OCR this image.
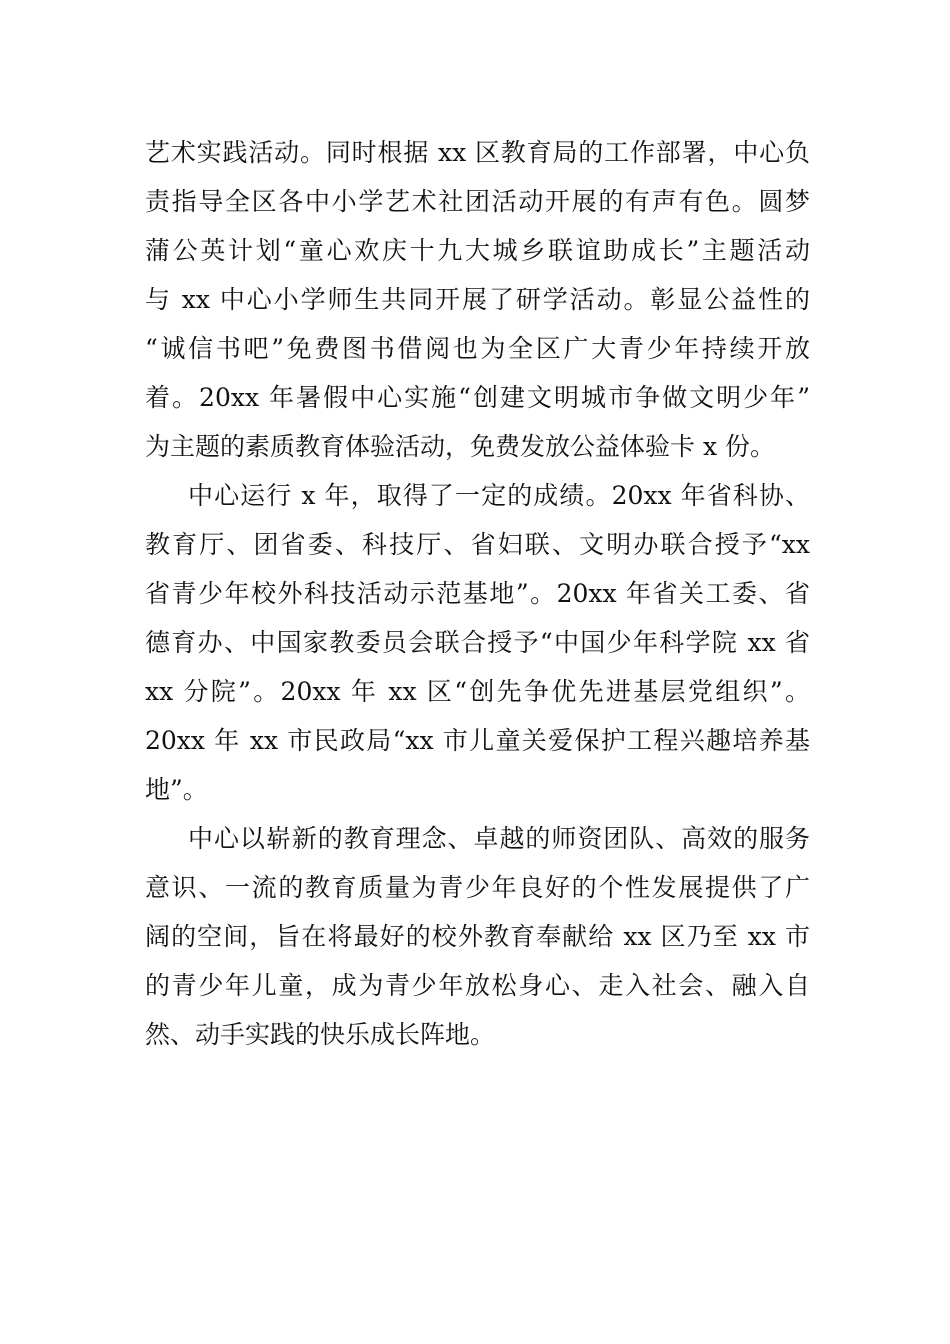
艺术实践活动。同时根据 xx 区教育局的工作部署，中心负
责指导全区各中小学艺术社团活动开展的有声有色。圆梦
蒲公英计划“童心欢庆十九大城乡联谊助成长”主题活动
与 xx 中心小学师生共同开展了研学活动。彰显公益性的
“诚信书吧”免费图书借阅也为全区广大青少年持续开放
着。20xx 年暑假中心实施“创建文明城市争做文明少年”
为主题的素质教育体验活动，免费发放公益体验卡 x 份。
中心运行 x 年，取得了一定的成绩。20xx 年省科协、
教育厅、团省委、科技厅、省妇联、文明办联合授予“xx
省青少年校外科技活动示范基地”。20xx 年省关工委、省
德育办、中国家教委员会联合授予“中国少年科学院 xx 省
xx 分院”。20xx 年 xx 区“创先争优先进基层党组织”。
20xx 年 xx 市民政局“xx 市儿童关爱保护工程兴趣培养基
地”。
中心以崭新的教育理念、卓越的师资团队、高效的服务
意识、一流的教育质量为青少年良好的个性发展提供了广
阔的空间，旨在将最好的校外教育奉献给 xx 区乃至 xx 市
的青少年儿童，成为青少年放松身心、走入社会、融入自
然、动手实践的快乐成长阵地。
